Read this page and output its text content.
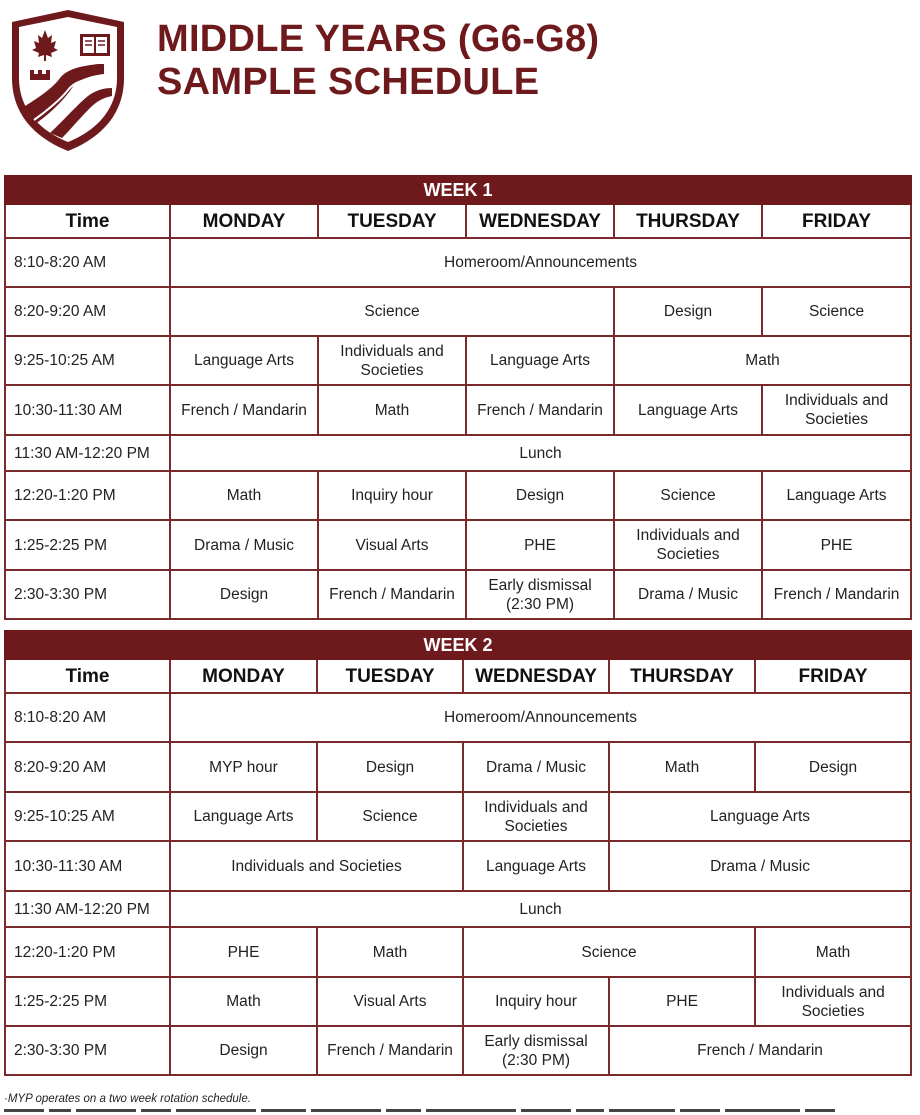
MIDDLE YEARS (G6-G8)
SAMPLE SCHEDULE
WEEK 1					
Time	MONDAY	TUESDAY	WEDNESDAY	THURSDAY	FRIDAY
8:10-8:20 AM	Homeroom/Announcements				
8:20-9:20 AM	Science			Design	Science
9:25-10:25 AM	Language Arts	Individuals and Societies	Language Arts	Math	
10:30-11:30 AM	French / Mandarin	Math	French / Mandarin	Language Arts	Individuals and Societies
11:30 AM-12:20 PM	Lunch				
12:20-1:20 PM	Math	Inquiry hour	Design	Science	Language Arts
1:25-2:25 PM	Drama / Music	Visual Arts	PHE	Individuals and Societies	PHE
2:30-3:30 PM	Design	French / Mandarin	Early dismissal (2:30 PM)	Drama / Music	French / Mandarin
WEEK 2					
Time	MONDAY	TUESDAY	WEDNESDAY	THURSDAY	FRIDAY
8:10-8:20 AM	Homeroom/Announcements				
8:20-9:20 AM	MYP hour	Design	Drama / Music	Math	Design
9:25-10:25 AM	Language Arts	Science	Individuals and Societies	Language Arts	
10:30-11:30 AM	Individuals and Societies		Language Arts	Drama / Music	
11:30 AM-12:20 PM	Lunch				
12:20-1:20 PM	PHE	Math	Science		Math
1:25-2:25 PM	Math	Visual Arts	Inquiry hour	PHE	Individuals and Societies
2:30-3:30 PM	Design	French / Mandarin	Early dismissal (2:30 PM)	French / Mandarin	
·MYP operates on a two week rotation schedule.
